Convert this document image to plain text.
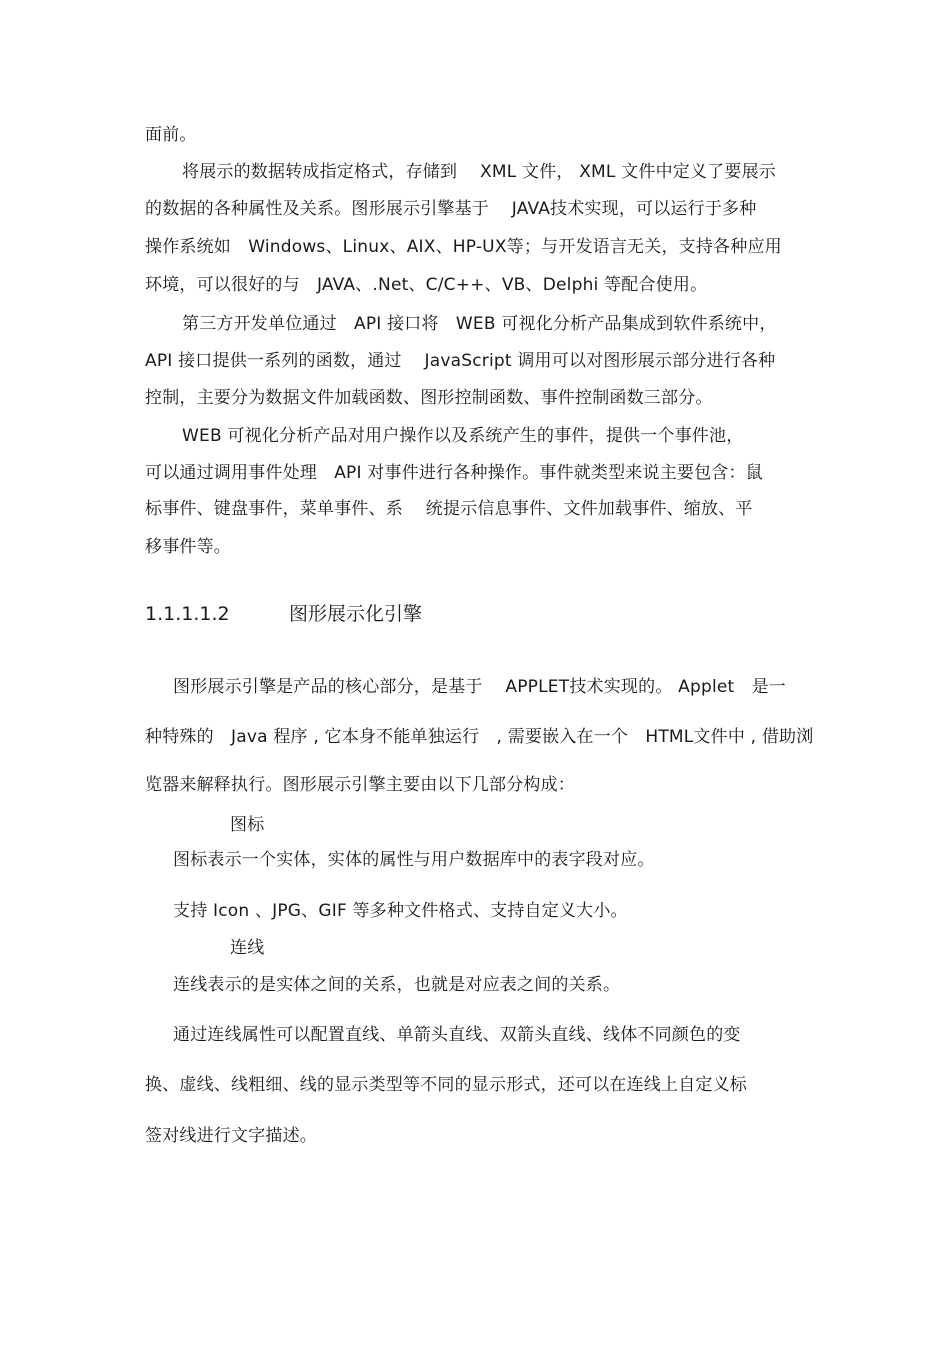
面前。
将展示的数据转成指定格式，存储到　 XML 文件， XML 文件中定义了要展示
的数据的各种属性及关系。图形展示引擎基于　 JAVA技术实现，可以运行于多种
操作系统如　Windows、Linux、AIX、HP-UX等；与开发语言无关，支持各种应用
环境，可以很好的与　JAVA、.Net、C/C++、VB、Delphi 等配合使用。
第三方开发单位通过　API 接口将　WEB 可视化分析产品集成到软件系统中，
API 接口提供一系列的函数，通过　 JavaScript 调用可以对图形展示部分进行各种
控制，主要分为数据文件加载函数、图形控制函数、事件控制函数三部分。
WEB 可视化分析产品对用户操作以及系统产生的事件，提供一个事件池，
可以通过调用事件处理　API 对事件进行各种操作。事件就类型来说主要包含：鼠
标事件、键盘事件，菜单事件、系　 统提示信息事件、文件加载事件、缩放、平
移事件等。
1.1.1.1.2	图形展示化引擎
图形展示引擎是产品的核心部分，是基于　 APPLET技术实现的。 Applet　是一
种特殊的　Java 程序 , 它本身不能单独运行　, 需要嵌入在一个　HTML文件中 , 借助浏
览器来解释执行。图形展示引擎主要由以下几部分构成：
图标
图标表示一个实体，实体的属性与用户数据库中的表字段对应。
支持 Icon 、JPG、GIF 等多种文件格式、支持自定义大小。
连线
连线表示的是实体之间的关系，也就是对应表之间的关系。
通过连线属性可以配置直线、单箭头直线、双箭头直线、线体不同颜色的变
换、虚线、线粗细、线的显示类型等不同的显示形式，还可以在连线上自定义标
签对线进行文字描述。
